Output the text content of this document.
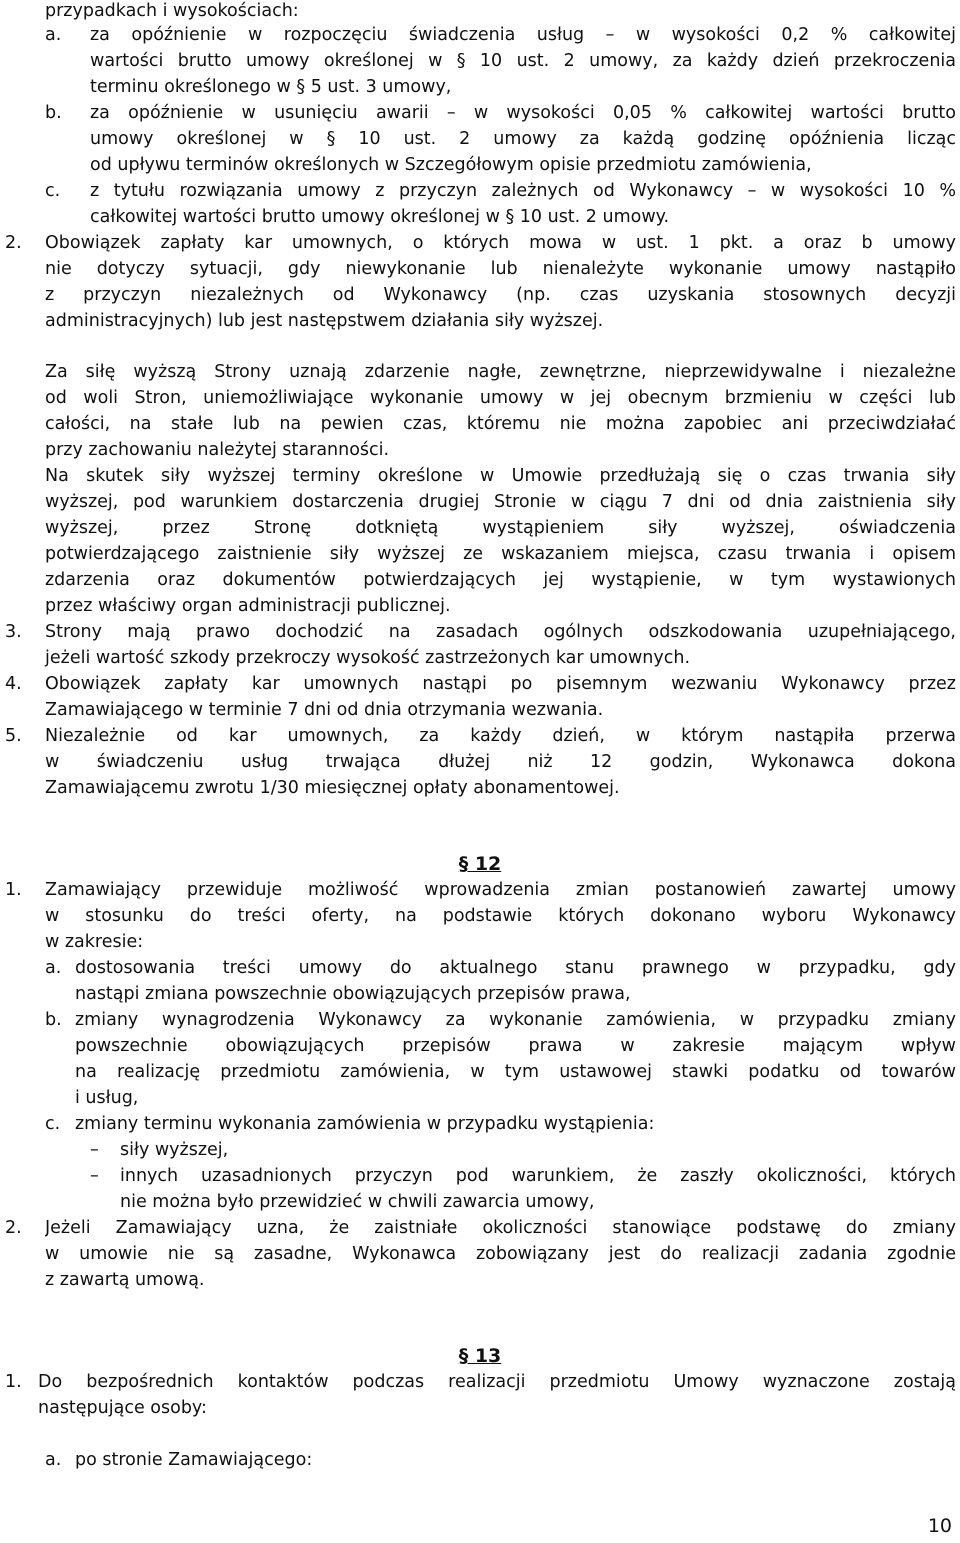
przypadkach i wysokościach:
a. za opóźnienie w rozpoczęciu świadczenia usług – w wysokości 0,2 % całkowitej
wartości brutto umowy określonej w § 10 ust. 2 umowy, za każdy dzień przekroczenia
terminu określonego w § 5 ust. 3 umowy,
b. za opóźnienie w usunięciu awarii – w wysokości 0,05 % całkowitej wartości brutto
umowy określonej w § 10 ust. 2 umowy za każdą godzinę opóźnienia licząc
od upływu terminów określonych w Szczegółowym opisie przedmiotu zamówienia,
c. z tytułu rozwiązania umowy z przyczyn zależnych od Wykonawcy – w wysokości 10 %
całkowitej wartości brutto umowy określonej w § 10 ust. 2 umowy.
2. Obowiązek zapłaty kar umownych, o których mowa w ust. 1 pkt. a oraz b umowy
nie dotyczy sytuacji, gdy niewykonanie lub nienależyte wykonanie umowy nastąpiło
z przyczyn niezależnych od Wykonawcy (np. czas uzyskania stosownych decyzji
administracyjnych) lub jest następstwem działania siły wyższej.
Za siłę wyższą Strony uznają zdarzenie nagłe, zewnętrzne, nieprzewidywalne i niezależne
od woli Stron, uniemożliwiające wykonanie umowy w jej obecnym brzmieniu w części lub
całości, na stałe lub na pewien czas, któremu nie można zapobiec ani przeciwdziałać
przy zachowaniu należytej staranności.
Na skutek siły wyższej terminy określone w Umowie przedłużają się o czas trwania siły
wyższej, pod warunkiem dostarczenia drugiej Stronie w ciągu 7 dni od dnia zaistnienia siły
wyższej, przez Stronę dotkniętą wystąpieniem siły wyższej, oświadczenia
potwierdzającego zaistnienie siły wyższej ze wskazaniem miejsca, czasu trwania i opisem
zdarzenia oraz dokumentów potwierdzających jej wystąpienie, w tym wystawionych
przez właściwy organ administracji publicznej.
3. Strony mają prawo dochodzić na zasadach ogólnych odszkodowania uzupełniającego,
jeżeli wartość szkody przekroczy wysokość zastrzeżonych kar umownych.
4. Obowiązek zapłaty kar umownych nastąpi po pisemnym wezwaniu Wykonawcy przez
Zamawiającego w terminie 7 dni od dnia otrzymania wezwania.
5. Niezależnie od kar umownych, za każdy dzień, w którym nastąpiła przerwa
w świadczeniu usług trwająca dłużej niż 12 godzin, Wykonawca dokona
Zamawiającemu zwrotu 1/30 miesięcznej opłaty abonamentowej.
§ 12
1. Zamawiający przewiduje możliwość wprowadzenia zmian postanowień zawartej umowy
w stosunku do treści oferty, na podstawie których dokonano wyboru Wykonawcy
w zakresie:
a. dostosowania treści umowy do aktualnego stanu prawnego w przypadku, gdy
nastąpi zmiana powszechnie obowiązujących przepisów prawa,
b. zmiany wynagrodzenia Wykonawcy za wykonanie zamówienia, w przypadku zmiany
powszechnie obowiązujących przepisów prawa w zakresie mającym wpływ
na realizację przedmiotu zamówienia, w tym ustawowej stawki podatku od towarów
i usług,
c. zmiany terminu wykonania zamówienia w przypadku wystąpienia:
– siły wyższej,
– innych uzasadnionych przyczyn pod warunkiem, że zaszły okoliczności, których
nie można było przewidzieć w chwili zawarcia umowy,
2. Jeżeli Zamawiający uzna, że zaistniałe okoliczności stanowiące podstawę do zmiany
w umowie nie są zasadne, Wykonawca zobowiązany jest do realizacji zadania zgodnie
z zawartą umową.
§ 13
1. Do bezpośrednich kontaktów podczas realizacji przedmiotu Umowy wyznaczone zostają
następujące osoby:
a. po stronie Zamawiającego:
10
